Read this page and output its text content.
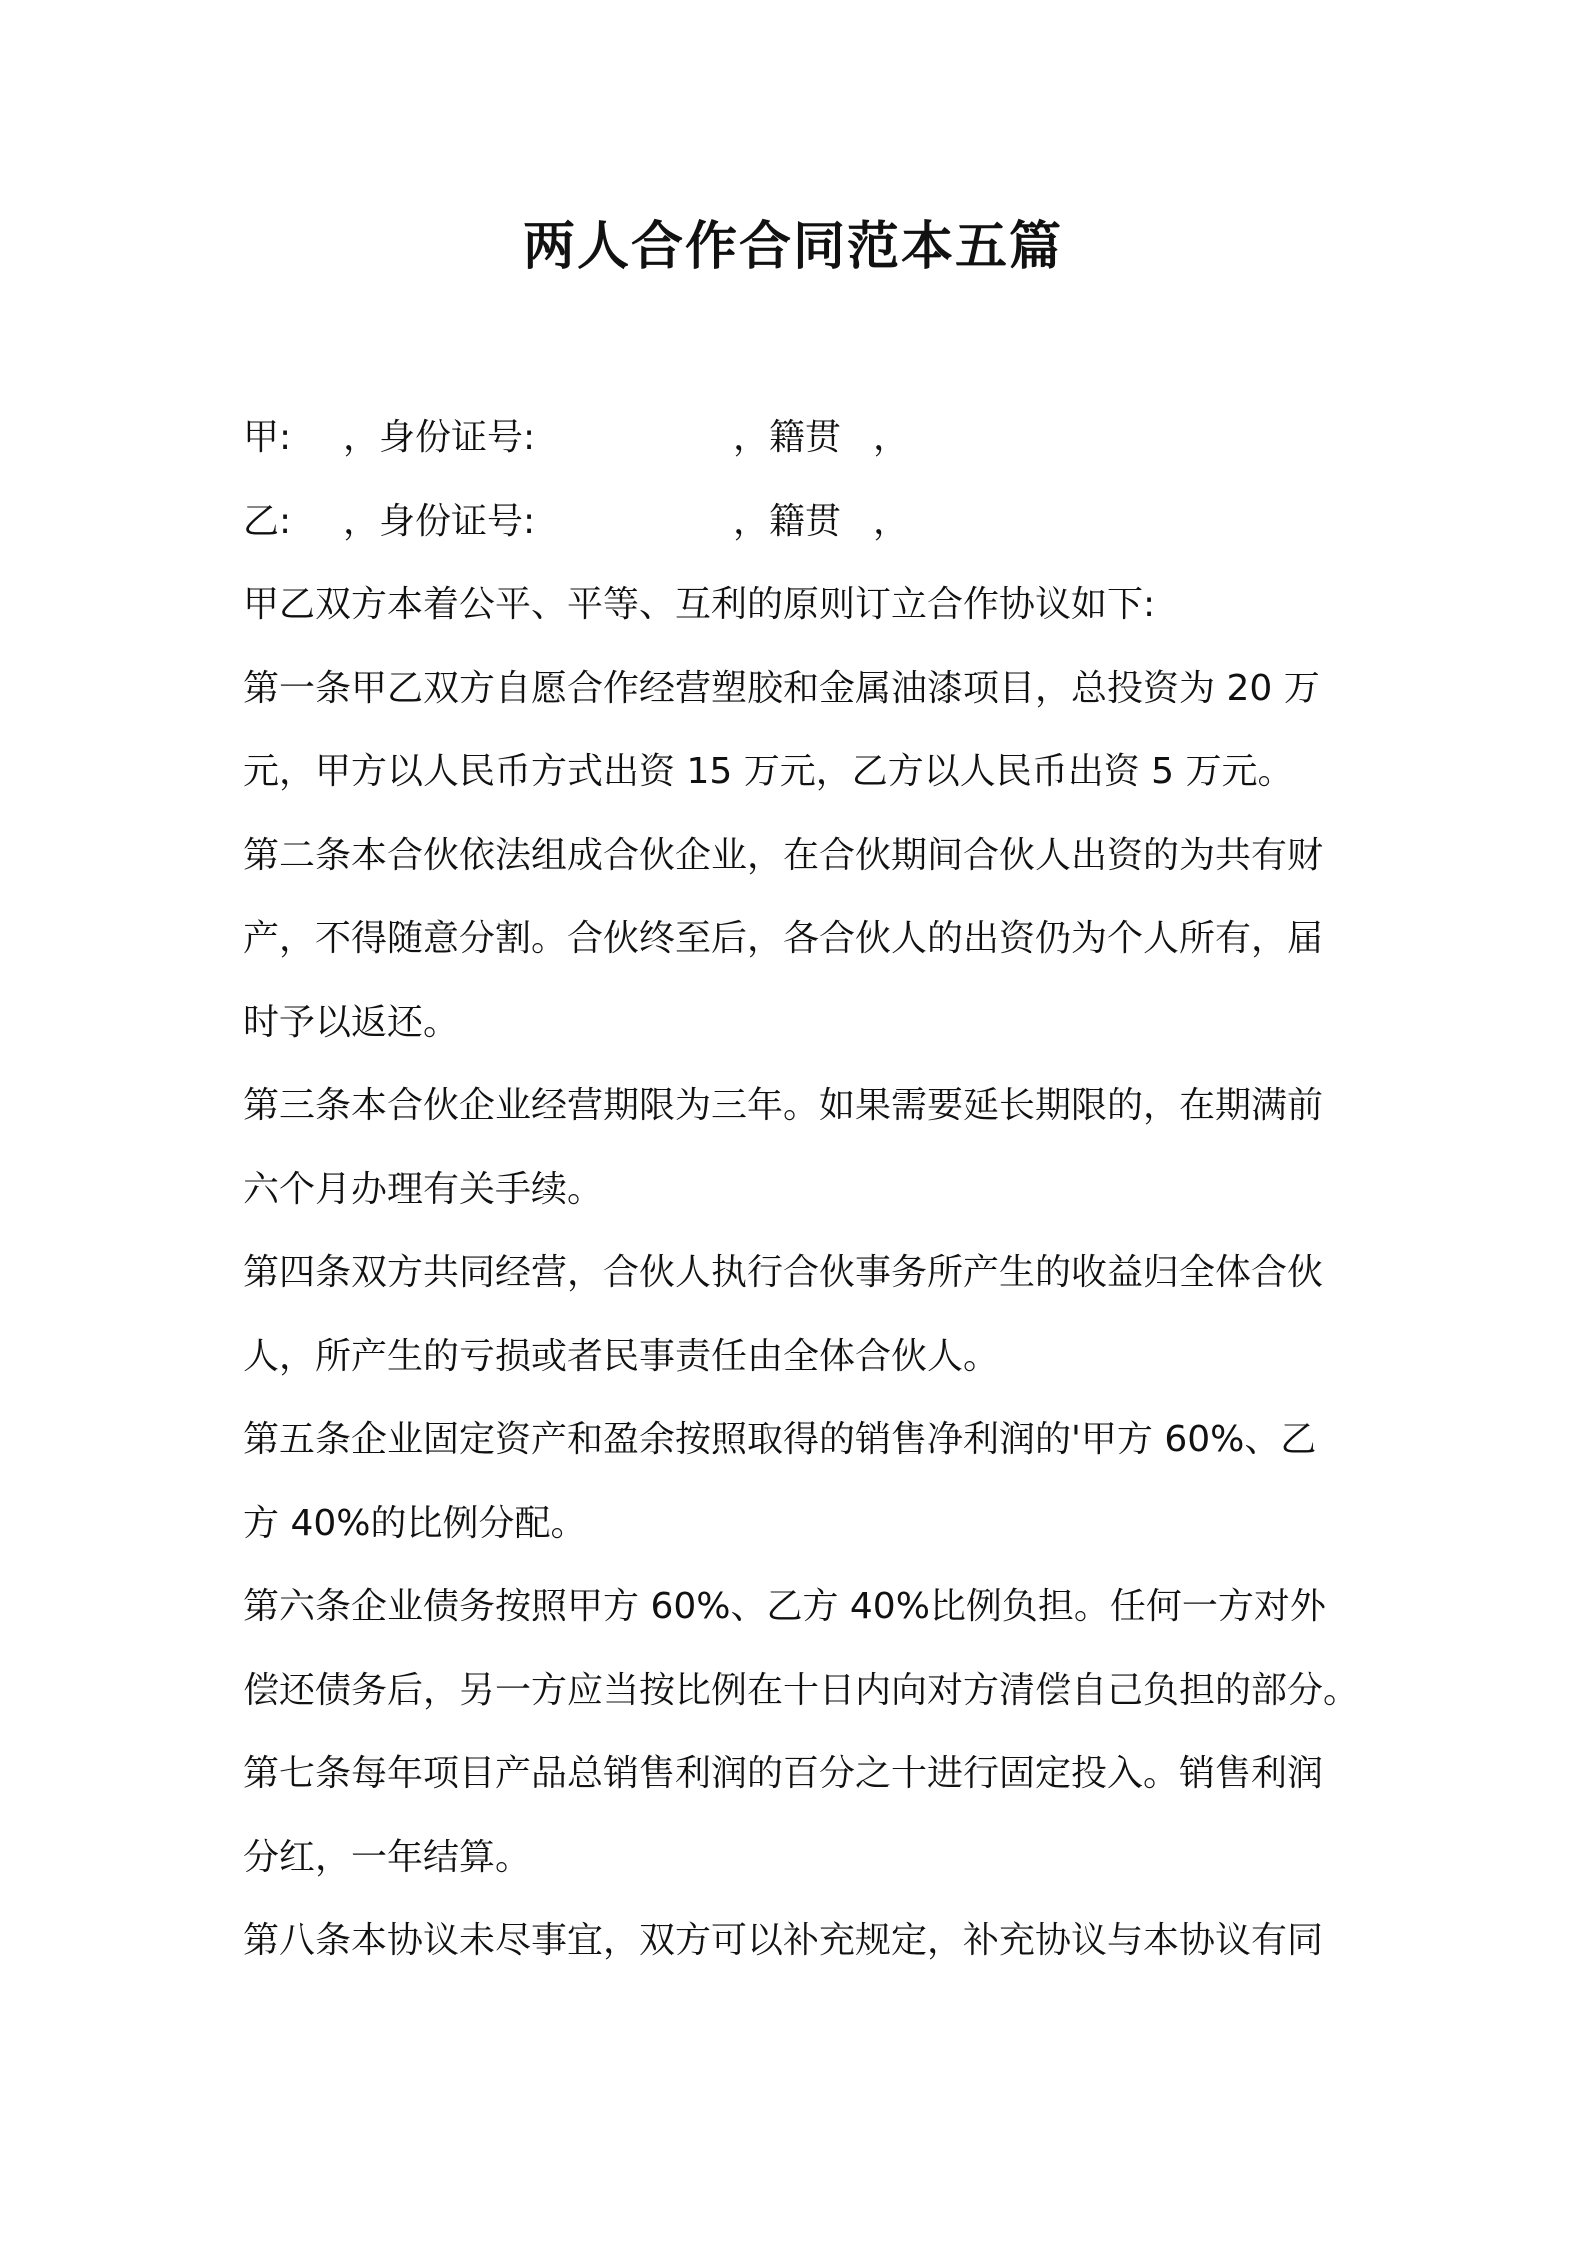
两人合作合同范本五篇
甲: ，身份证号:	，籍贯 ，
乙: ，身份证号:	，籍贯 ，
甲乙双方本着公平、平等、互利的原则订立合作协议如下:
第一条甲乙双方自愿合作经营塑胶和金属油漆项目，总投资为 20 万
元，甲方以人民币方式出资 15 万元，乙方以人民币出资 5 万元。
第二条本合伙依法组成合伙企业，在合伙期间合伙人出资的为共有财
产，不得随意分割。合伙终至后，各合伙人的出资仍为个人所有，届
时予以返还。
第三条本合伙企业经营期限为三年。如果需要延长期限的，在期满前
六个月办理有关手续。
第四条双方共同经营，合伙人执行合伙事务所产生的收益归全体合伙
人，所产生的亏损或者民事责任由全体合伙人。
第五条企业固定资产和盈余按照取得的销售净利润的'甲方 60%、乙
方 40%的比例分配。
第六条企业债务按照甲方 60%、乙方 40%比例负担。任何一方对外
偿还债务后，另一方应当按比例在十日内向对方清偿自己负担的部分。
第七条每年项目产品总销售利润的百分之十进行固定投入。销售利润
分红，一年结算。
第八条本协议未尽事宜，双方可以补充规定，补充协议与本协议有同
